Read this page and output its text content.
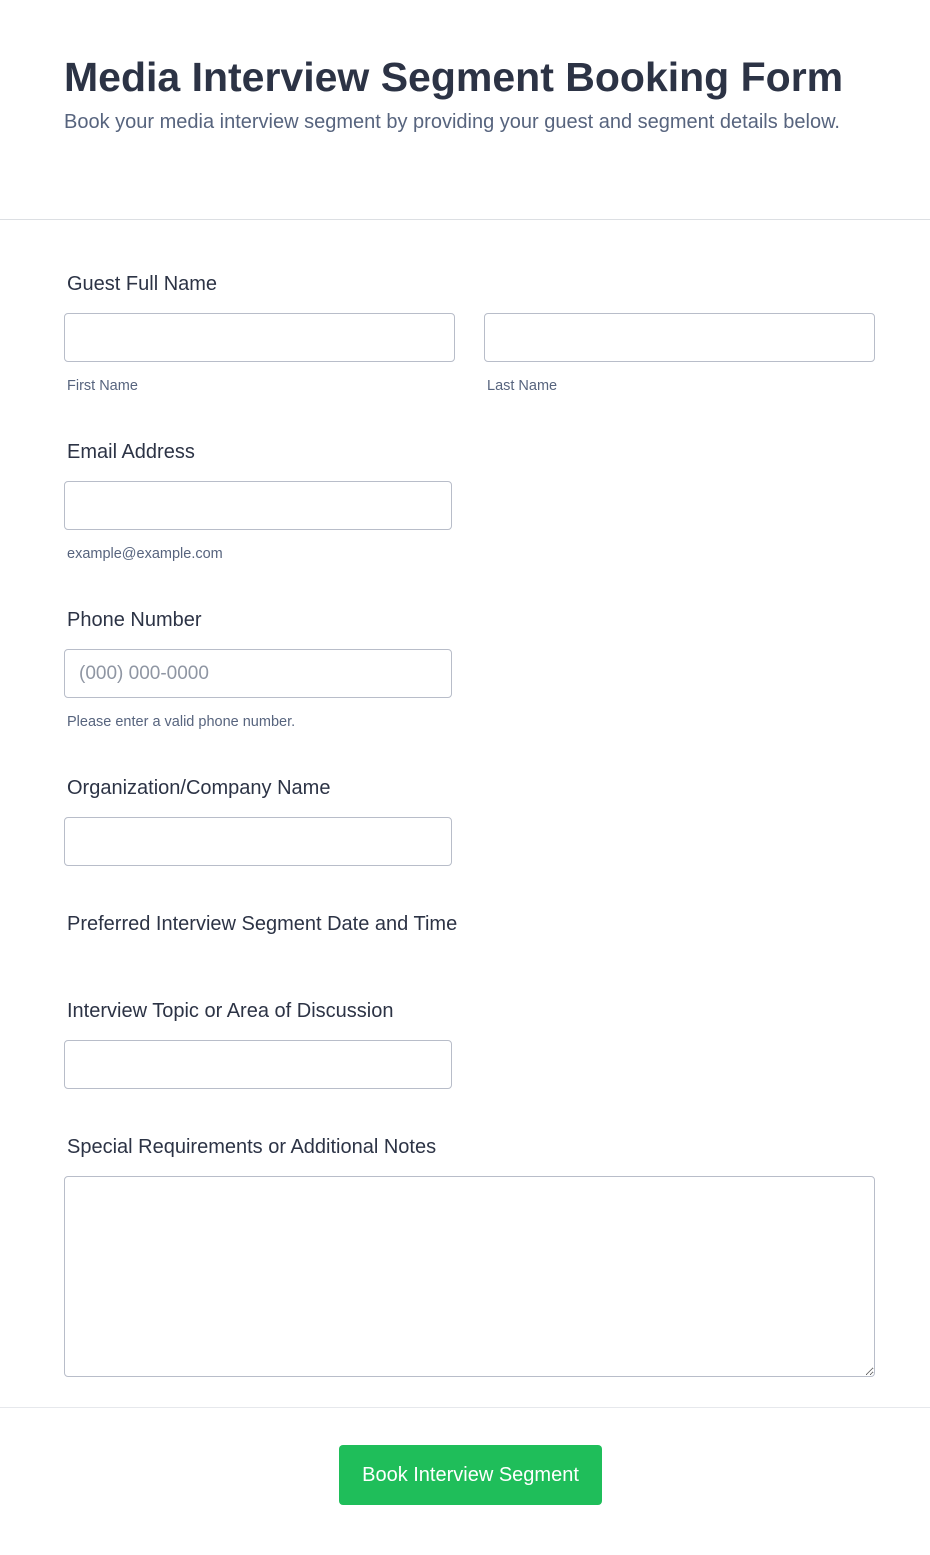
Media Interview Segment Booking Form

Book your media interview segment by providing your guest and segment details below.

Guest Full Name
First Name	Last Name
Email Address
example@example.com
Phone Number
(000) 000-0000
Please enter a valid phone number.
Organization/Company Name
Preferred Interview Segment Date and Time
Interview Topic or Area of Discussion
Special Requirements or Additional Notes
Book Interview Segment
